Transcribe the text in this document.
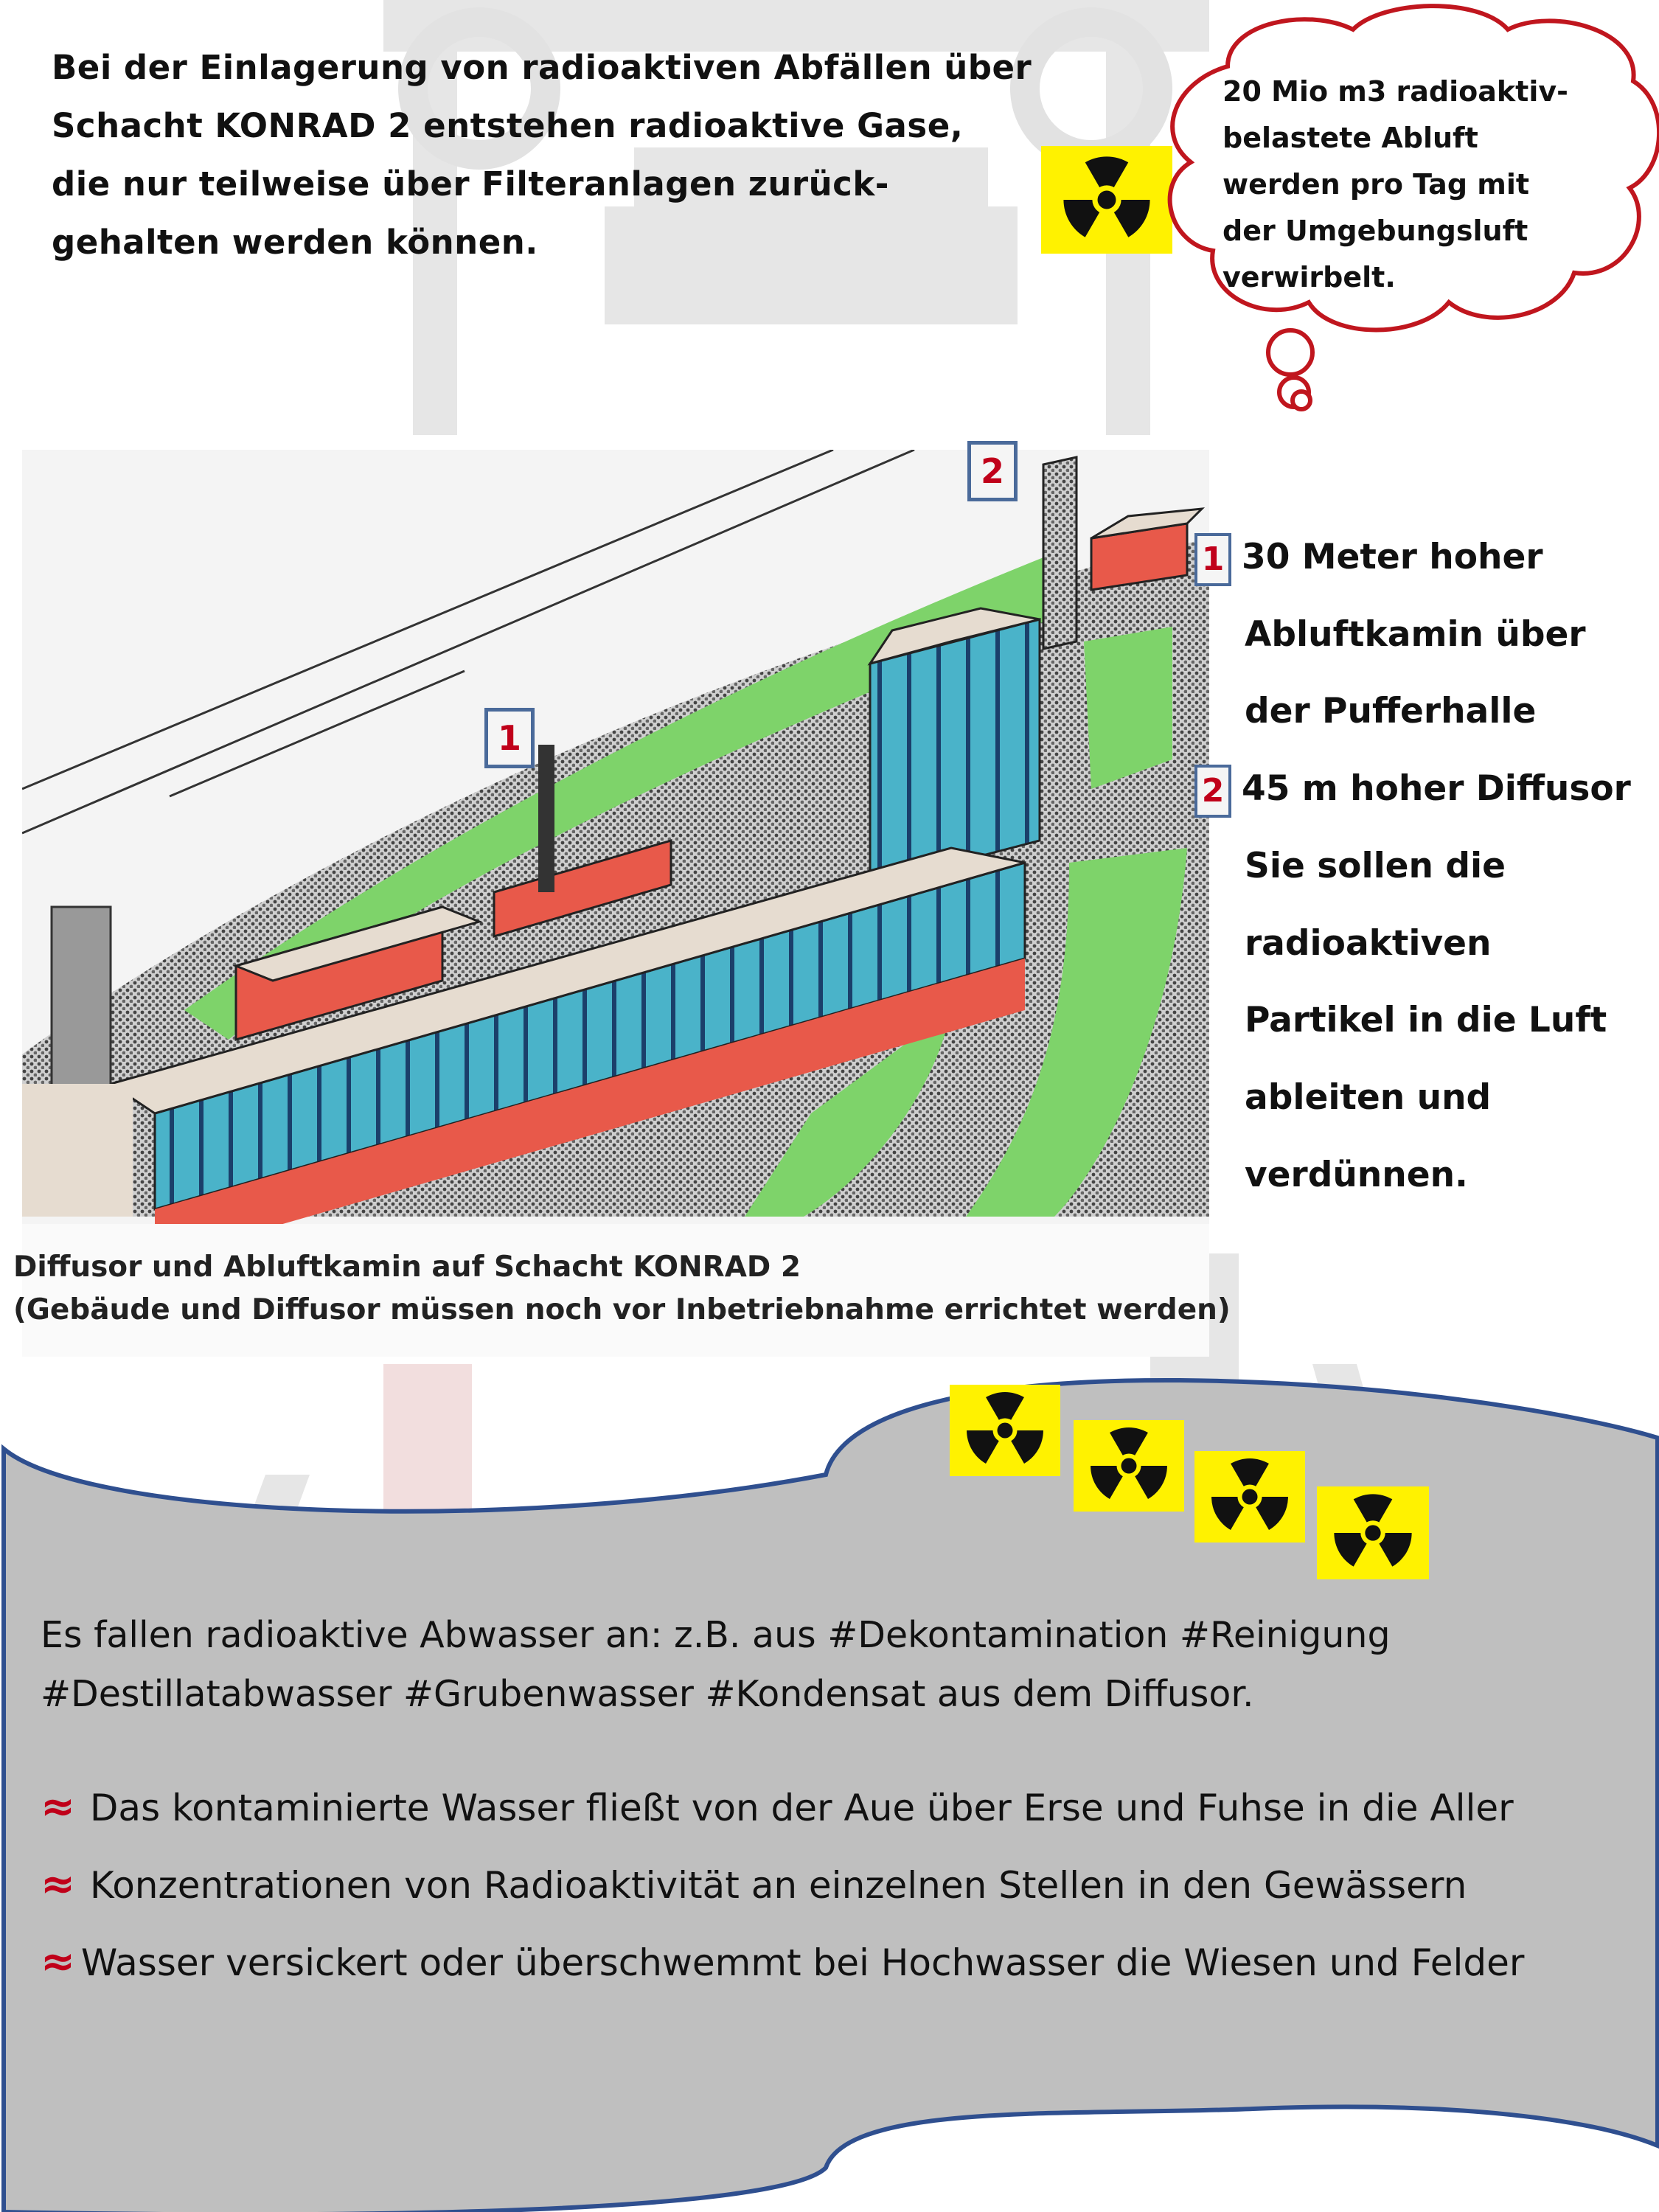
Bei der Einlagerung von radioaktiven Abfällen über
Schacht KONRAD 2 entstehen radioaktive Gase,
die nur teilweise über Filteranlagen zurück-
gehalten werden können.
20 Mio m3 radioaktiv-
belastete Abluft
werden pro Tag mit
der Umgebungsluft
verwirbelt.
1
2
Diffusor und Abluftkamin auf Schacht KONRAD 2
(Gebäude und Diffusor müssen noch vor Inbetriebnahme errichtet werden)
1 30 Meter hoher
Abluftkamin über
der Pufferhalle
2 45 m hoher Diffusor
Sie sollen die
radioaktiven
Partikel in die Luft
ableiten und
verdünnen.
Es fallen radioaktive Abwasser an: z.B. aus #Dekontamination #Reinigung
#Destillatabwasser #Grubenwasser #Kondensat aus dem Diffusor.
≈ Das kontaminierte Wasser fließt von der Aue über Erse und Fuhse in die Aller
≈ Konzentrationen von Radioaktivität an einzelnen Stellen in den Gewässern
≈ Wasser versickert oder überschwemmt bei Hochwasser die Wiesen und Felder
